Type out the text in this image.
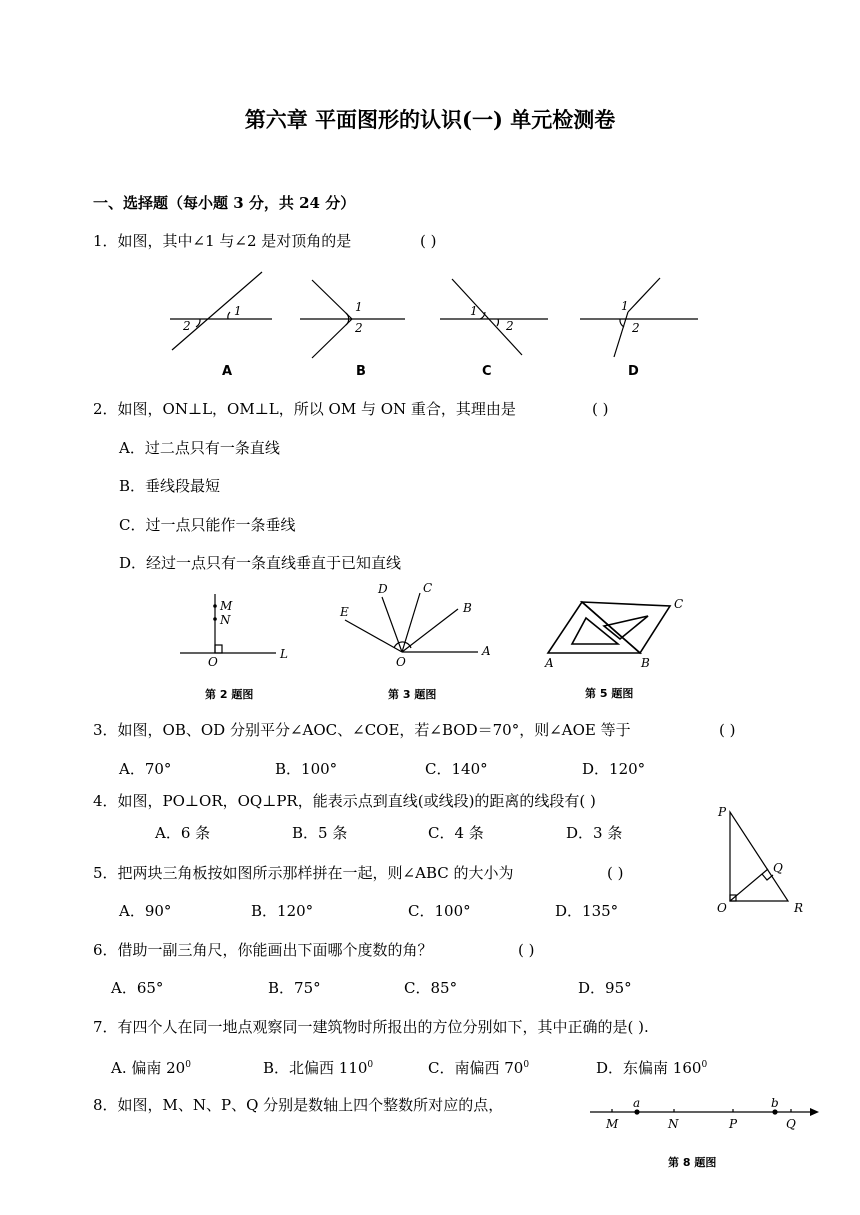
第六章 平面图形的认识(一) 单元检测卷
一、选择题（每小题 3 分，共 24 分）
1．如图，其中∠1 与∠2 是对顶角的是	( )
1
2
1
2
1
2
1
2
A	B	C	D
2．如图，ON⊥L，OM⊥L，所以 OM 与 ON 重合，其理由是	( )
A．过二点只有一条直线
B．垂线段最短
C．过一点只能作一条垂线
D．经过一点只有一条直线垂直于已知直线
M
N
O
L
第 2 题图
E
D	C
B
O
A
第 3 题图
A	B
C
第 5 题图
3．如图，OB、OD 分别平分∠AOC、∠COE，若∠BOD＝70°，则∠AOE 等于	( )
A．70°	B．100°	C．140°	D．120°
4．如图，PO⊥OR，OQ⊥PR，能表示点到直线(或线段)的距离的线段有( )
A．6 条	B．5 条	C．4 条	D．3 条
P
Q
O	R
5．把两块三角板按如图所示那样拼在一起，则∠ABC 的大小为	( )
A．90°	B．120°	C．100°	D．135°
6．借助一副三角尺，你能画出下面哪个度数的角？	( )
A．65°	B．75°	C．85°	D．95°
7．有四个人在同一地点观察同一建筑物时所报出的方位分别如下，其中正确的是( ).
A. 偏南 $20^0$	B．北偏西 $110^0$	C．南偏西 $70^0$	D．东偏南 $160^0$
8．如图，M、N、P、Q 分别是数轴上四个整数所对应的点，	a	b
M	N	P	Q
第 8 题图
